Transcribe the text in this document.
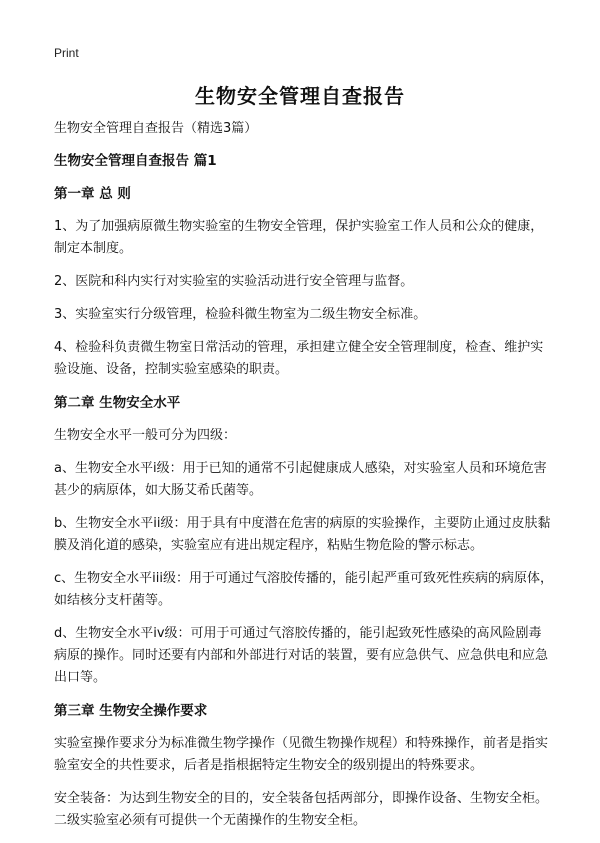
Print
生物安全管理自查报告

生物安全管理自查报告（精选3篇）

生物安全管理自查报告 篇1

第一章 总 则

1、为了加强病原微生物实验室的生物安全管理，保护实验室工作人员和公众的健康，制定本制度。

2、医院和科内实行对实验室的实验活动进行安全管理与监督。

3、实验室实行分级管理，检验科微生物室为二级生物安全标准。

4、检验科负责微生物室日常活动的管理，承担建立健全安全管理制度，检查、维护实验设施、设备，控制实验室感染的职责。

第二章 生物安全水平

生物安全水平一般可分为四级：

a、生物安全水平i级：用于已知的通常不引起健康成人感染，对实验室人员和环境危害甚少的病原体，如大肠艾希氏菌等。

b、生物安全水平ii级：用于具有中度潜在危害的病原的实验操作，主要防止通过皮肤黏膜及消化道的感染，实验室应有进出规定程序，粘贴生物危险的警示标志。

c、生物安全水平iii级：用于可通过气溶胶传播的，能引起严重可致死性疾病的病原体，如结核分支杆菌等。

d、生物安全水平iv级：可用于可通过气溶胶传播的，能引起致死性感染的高风险剧毒病原的操作。同时还要有内部和外部进行对话的装置，要有应急供气、应急供电和应急出口等。

第三章 生物安全操作要求

实验室操作要求分为标准微生物学操作（见微生物操作规程）和特殊操作，前者是指实验室安全的共性要求，后者是指根据特定生物安全的级别提出的特殊要求。

安全装备：为达到生物安全的目的，安全装备包括两部分，即操作设备、生物安全柜。二级实验室必须有可提供一个无菌操作的生物安全柜。
